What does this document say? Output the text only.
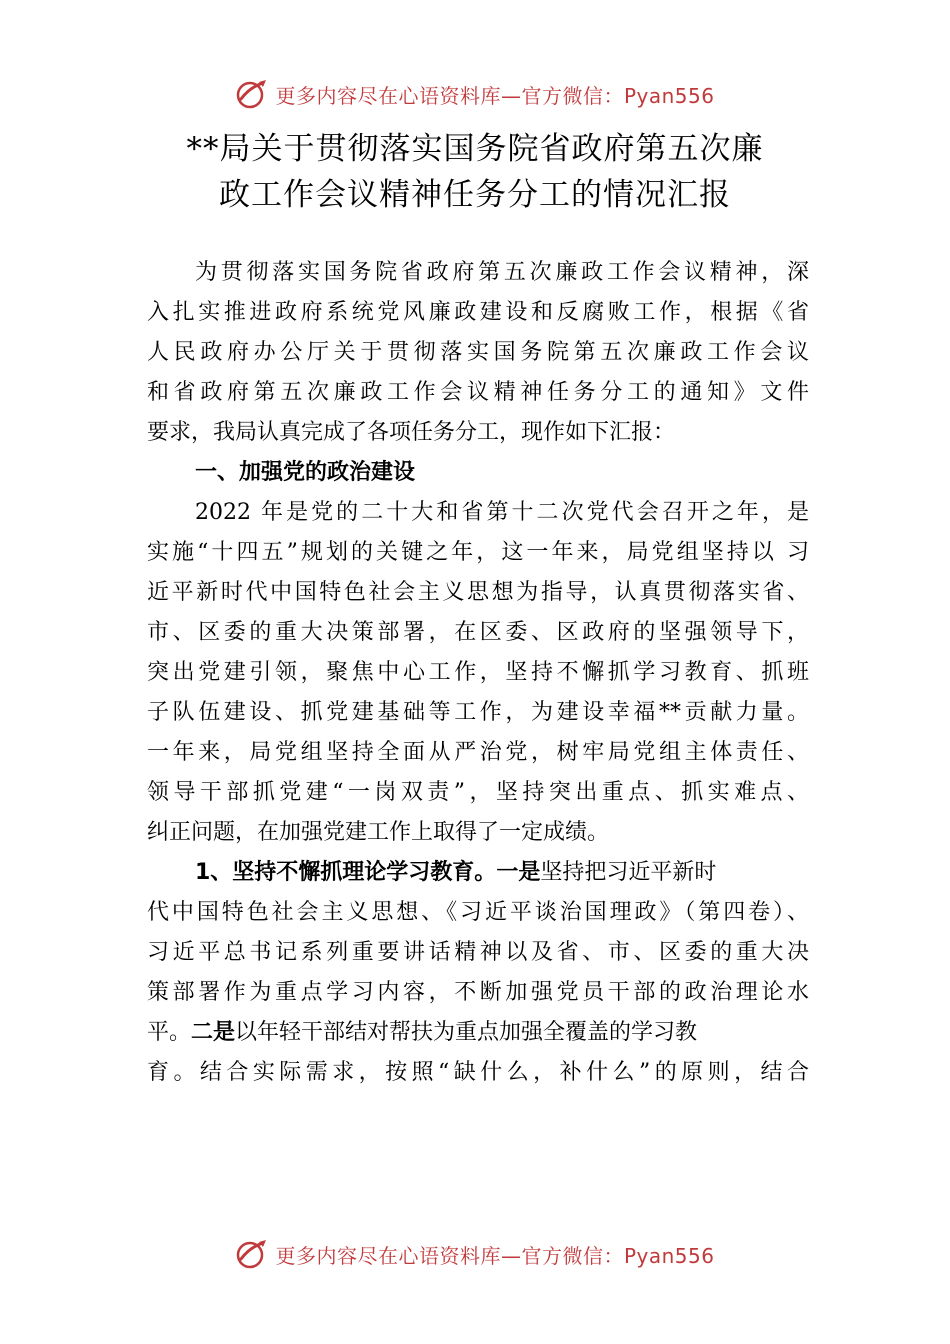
更多内容尽在心语资料库—官方微信：Pyan556
**局关于贯彻落实国务院省政府第五次廉
政工作会议精神任务分工的情况汇报
为贯彻落实国务院省政府第五次廉政工作会议精神，深
入扎实推进政府系统党风廉政建设和反腐败工作，根据《省
人民政府办公厅关于贯彻落实国务院第五次廉政工作会议
和省政府第五次廉政工作会议精神任务分工的通知》文件
要求，我局认真完成了各项任务分工，现作如下汇报：
一、加强党的政治建设
2022 年是党的二十大和省第十二次党代会召开之年，是
实施“十四五”规划的关键之年，这一年来，局党组坚持以 习
近平新时代中国特色社会主义思想为指导，认真贯彻落实省、
市、区委的重大决策部署，在区委、区政府的坚强领导下，
突出党建引领，聚焦中心工作，坚持不懈抓学习教育、抓班
子队伍建设、抓党建基础等工作，为建设幸福**贡献力量。
一年来，局党组坚持全面从严治党，树牢局党组主体责任、
领导干部抓党建“一岗双责”，坚持突出重点、抓实难点、
纠正问题，在加强党建工作上取得了一定成绩。
1、坚持不懈抓理论学习教育。一是坚持把习近平新时
代中国特色社会主义思想、《习近平谈治国理政》（第四卷）、
习近平总书记系列重要讲话精神以及省、市、区委的重大决
策部署作为重点学习内容，不断加强党员干部的政治理论水
平。二是以年轻干部结对帮扶为重点加强全覆盖的学习教
育。结合实际需求，按照“缺什么，补什么”的原则，结合
更多内容尽在心语资料库—官方微信：Pyan556
